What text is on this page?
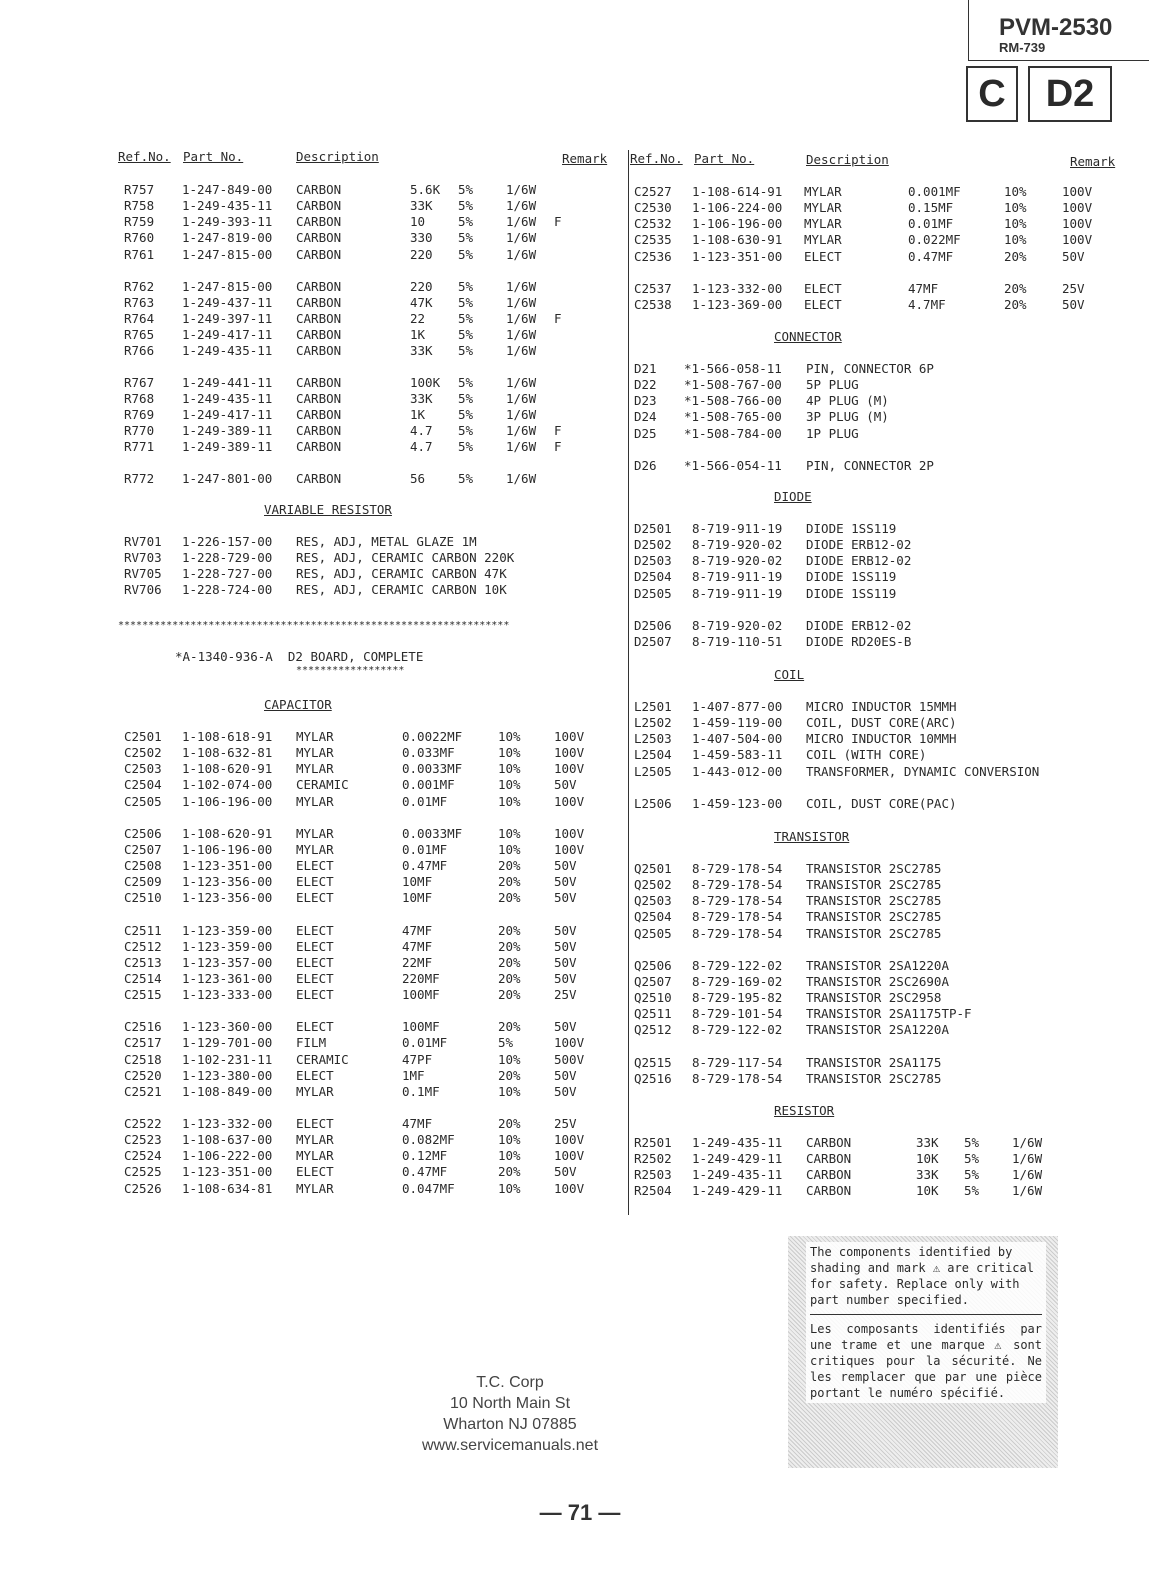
PVM-2530
RM-739
C	D2
Ref.No. Part No.	Description	Remark Ref.No. Part No.	Description	Remark
R757 1-247-849-00 CARBON	5.6K 5%	1/6W
R758 1-249-435-11 CARBON	33K 5%	1/6W
R759 1-249-393-11 CARBON	10	5%	1/6W F
R760 1-247-819-00 CARBON	330 5%	1/6W
R761 1-247-815-00 CARBON	220 5%	1/6W
R762 1-247-815-00 CARBON	220 5%	1/6W
R763 1-249-437-11 CARBON	47K 5%	1/6W
R764 1-249-397-11 CARBON	22	5%	1/6W F
R765 1-249-417-11 CARBON	1K	5%	1/6W
R766 1-249-435-11 CARBON	33K 5%	1/6W
R767 1-249-441-11 CARBON	100K 5%	1/6W
R768 1-249-435-11 CARBON	33K 5%	1/6W
R769 1-249-417-11 CARBON	1K	5%	1/6W
R770 1-249-389-11 CARBON	4.7 5%	1/6W F
R771 1-249-389-11 CARBON	4.7 5%	1/6W F
R772 1-247-801-00 CARBON	56	5%	1/6W
VARIABLE RESISTOR
RV701 1-226-157-00 RES, ADJ, METAL GLAZE 1M
RV703 1-228-729-00 RES, ADJ, CERAMIC CARBON 220K
RV705 1-228-727-00 RES, ADJ, CERAMIC CARBON 47K
RV706 1-228-724-00 RES, ADJ, CERAMIC CARBON 10K
*****************************************************************
*A-1340-936-A  D2 BOARD, COMPLETE
******************
CAPACITOR
C2501 1-108-618-91 MYLAR	0.0022MF	10%	100V
C2502 1-108-632-81 MYLAR	0.033MF	10%	100V
C2503 1-108-620-91 MYLAR	0.0033MF	10%	100V
C2504 1-102-074-00 CERAMIC	0.001MF	10%	50V
C2505 1-106-196-00 MYLAR	0.01MF	10%	100V
C2506 1-108-620-91 MYLAR	0.0033MF	10%	100V
C2507 1-106-196-00 MYLAR	0.01MF	10%	100V
C2508 1-123-351-00 ELECT	0.47MF	20%	50V
C2509 1-123-356-00 ELECT	10MF	20%	50V
C2510 1-123-356-00 ELECT	10MF	20%	50V
C2511 1-123-359-00 ELECT	47MF	20%	50V
C2512 1-123-359-00 ELECT	47MF	20%	50V
C2513 1-123-357-00 ELECT	22MF	20%	50V
C2514 1-123-361-00 ELECT	220MF	20%	50V
C2515 1-123-333-00 ELECT	100MF	20%	25V
C2516 1-123-360-00 ELECT	100MF	20%	50V
C2517 1-129-701-00 FILM	0.01MF	5%	100V
C2518 1-102-231-11 CERAMIC	47PF	10%	500V
C2520 1-123-380-00 ELECT	1MF	20%	50V
C2521 1-108-849-00 MYLAR	0.1MF	10%	50V
C2522 1-123-332-00 ELECT	47MF	20%	25V
C2523 1-108-637-00 MYLAR	0.082MF	10%	100V
C2524 1-106-222-00 MYLAR	0.12MF	10%	100V
C2525 1-123-351-00 ELECT	0.47MF	20%	50V
C2526 1-108-634-81 MYLAR	0.047MF	10%	100V
C2527 1-108-614-91 MYLAR	0.001MF	10%	100V
C2530 1-106-224-00 MYLAR	0.15MF	10%	100V
C2532 1-106-196-00 MYLAR	0.01MF	10%	100V
C2535 1-108-630-91 MYLAR	0.022MF	10%	100V
C2536 1-123-351-00 ELECT	0.47MF	20%	50V
C2537 1-123-332-00 ELECT	47MF	20%	25V
C2538 1-123-369-00 ELECT	4.7MF	20%	50V
CONNECTOR
D21 *1-566-058-11 PIN, CONNECTOR 6P
D22 *1-508-767-00 5P PLUG
D23 *1-508-766-00 4P PLUG (M)
D24 *1-508-765-00 3P PLUG (M)
D25 *1-508-784-00 1P PLUG
D26 *1-566-054-11 PIN, CONNECTOR 2P
DIODE
D2501 8-719-911-19 DIODE 1SS119
D2502 8-719-920-02 DIODE ERB12-02
D2503 8-719-920-02 DIODE ERB12-02
D2504 8-719-911-19 DIODE 1SS119
D2505 8-719-911-19 DIODE 1SS119
D2506 8-719-920-02 DIODE ERB12-02
D2507 8-719-110-51 DIODE RD20ES-B
COIL
L2501 1-407-877-00 MICRO INDUCTOR 15MMH
L2502 1-459-119-00 COIL, DUST CORE(ARC)
L2503 1-407-504-00 MICRO INDUCTOR 10MMH
L2504 1-459-583-11 COIL (WITH CORE)
L2505 1-443-012-00 TRANSFORMER, DYNAMIC CONVERSION
L2506 1-459-123-00 COIL, DUST CORE(PAC)
TRANSISTOR
Q2501 8-729-178-54 TRANSISTOR 2SC2785
Q2502 8-729-178-54 TRANSISTOR 2SC2785
Q2503 8-729-178-54 TRANSISTOR 2SC2785
Q2504 8-729-178-54 TRANSISTOR 2SC2785
Q2505 8-729-178-54 TRANSISTOR 2SC2785
Q2506 8-729-122-02 TRANSISTOR 2SA1220A
Q2507 8-729-169-02 TRANSISTOR 2SC2690A
Q2510 8-729-195-82 TRANSISTOR 2SC2958
Q2511 8-729-101-54 TRANSISTOR 2SA1175TP-F
Q2512 8-729-122-02 TRANSISTOR 2SA1220A
Q2515 8-729-117-54 TRANSISTOR 2SA1175
Q2516 8-729-178-54 TRANSISTOR 2SC2785
RESISTOR
R2501 1-249-435-11 CARBON	33K 5%	1/6W
R2502 1-249-429-11 CARBON	10K 5%	1/6W
R2503 1-249-435-11 CARBON	33K 5%	1/6W
R2504 1-249-429-11 CARBON	10K 5%	1/6W
The components identified by shading and mark ⚠ are critical for safety. Replace only with part number specified.
Les composants identifiés par une trame et une marque ⚠ sont critiques pour la sécurité. Ne les remplacer que par une pièce portant le numéro spécifié.
T.C. Corp
10 North Main St
Wharton NJ 07885
www.servicemanuals.net
— 71 —
